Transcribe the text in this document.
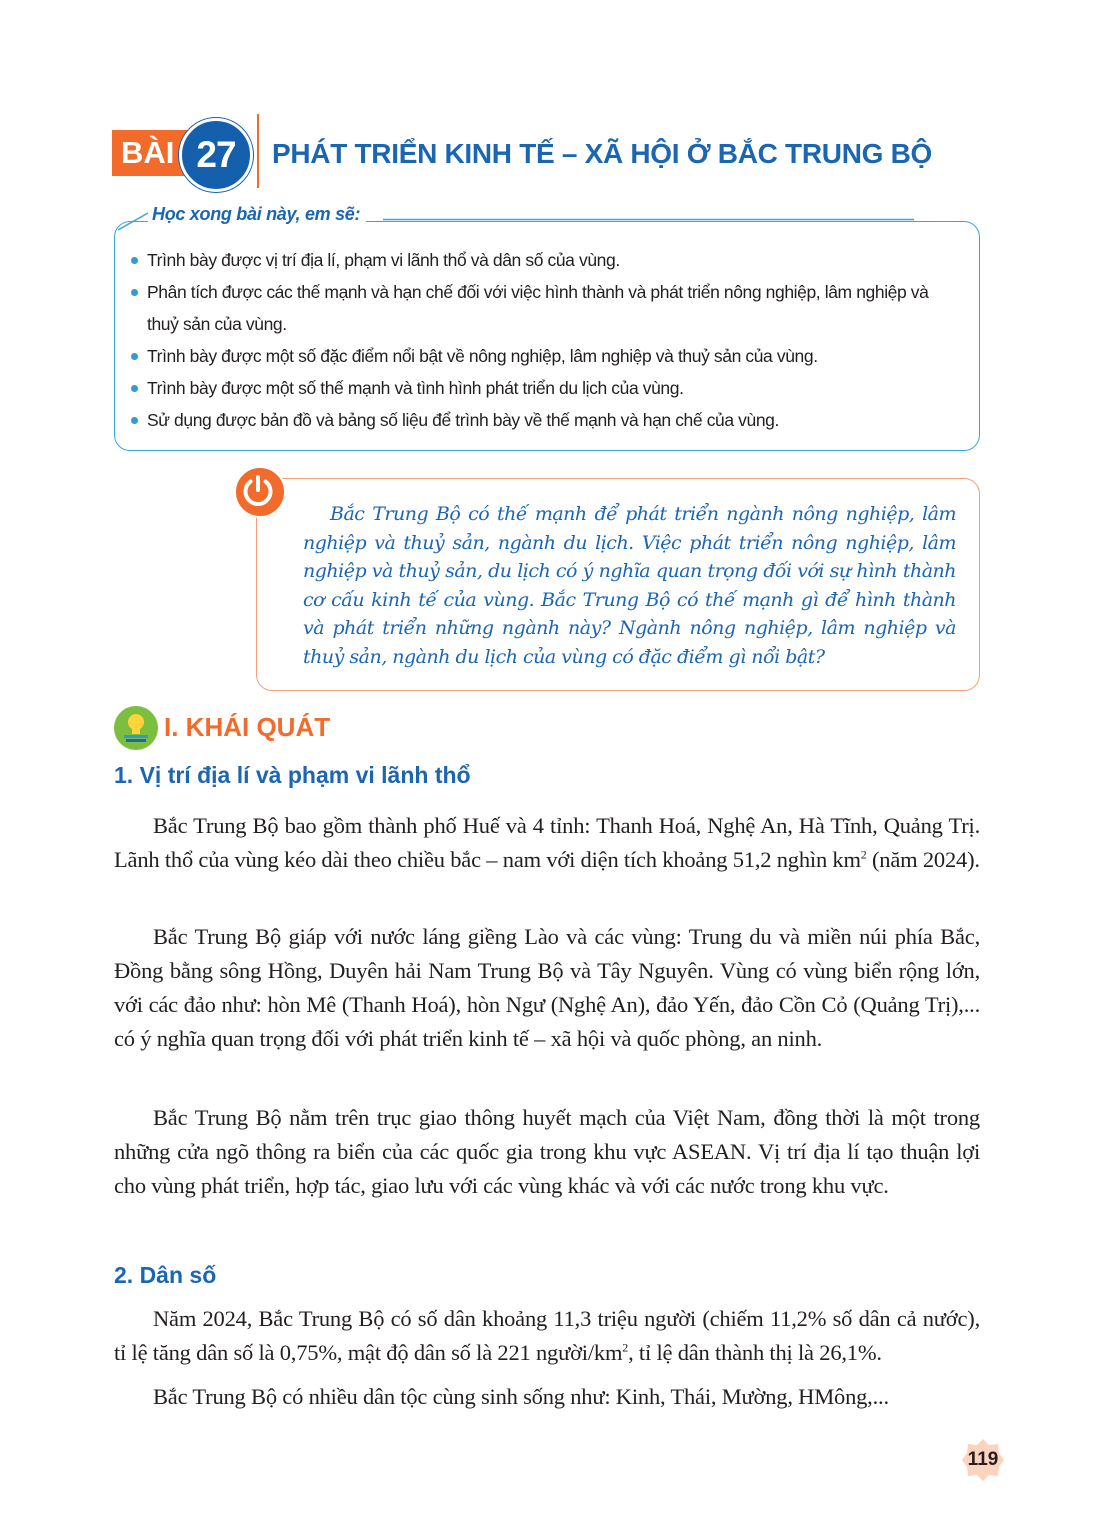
BÀI 27	PHÁT TRIỂN KINH TẾ – XÃ HỘI Ở BẮC TRUNG BỘ
Học xong bài này, em sẽ:
Trình bày được vị trí địa lí, phạm vi lãnh thổ và dân số của vùng.
Phân tích được các thế mạnh và hạn chế đối với việc hình thành và phát triển nông nghiệp, lâm nghiệp và thuỷ sản của vùng.
Trình bày được một số đặc điểm nổi bật về nông nghiệp, lâm nghiệp và thuỷ sản của vùng.
Trình bày được một số thế mạnh và tình hình phát triển du lịch của vùng.
Sử dụng được bản đồ và bảng số liệu để trình bày về thế mạnh và hạn chế của vùng.

Bắc Trung Bộ có thế mạnh để phát triển ngành nông nghiệp, lâm nghiệp và thuỷ sản, ngành du lịch. Việc phát triển nông nghiệp, lâm nghiệp và thuỷ sản, du lịch có ý nghĩa quan trọng đối với sự hình thành cơ cấu kinh tế của vùng. Bắc Trung Bộ có thế mạnh gì để hình thành và phát triển những ngành này? Ngành nông nghiệp, lâm nghiệp và thuỷ sản, ngành du lịch của vùng có đặc điểm gì nổi bật?

I. KHÁI QUÁT
1. Vị trí địa lí và phạm vi lãnh thổ

Bắc Trung Bộ bao gồm thành phố Huế và 4 tỉnh: Thanh Hoá, Nghệ An, Hà Tĩnh, Quảng Trị. Lãnh thổ của vùng kéo dài theo chiều bắc – nam với diện tích khoảng 51,2 nghìn $km^2$ (năm 2024).

Bắc Trung Bộ giáp với nước láng giềng Lào và các vùng: Trung du và miền núi phía Bắc, Đồng bằng sông Hồng, Duyên hải Nam Trung Bộ và Tây Nguyên. Vùng có vùng biển rộng lớn, với các đảo như: hòn Mê (Thanh Hoá), hòn Ngư (Nghệ An), đảo Yến, đảo Cồn Cỏ (Quảng Trị),... có ý nghĩa quan trọng đối với phát triển kinh tế – xã hội và quốc phòng, an ninh.

Bắc Trung Bộ nằm trên trục giao thông huyết mạch của Việt Nam, đồng thời là một trong những cửa ngõ thông ra biển của các quốc gia trong khu vực ASEAN. Vị trí địa lí tạo thuận lợi cho vùng phát triển, hợp tác, giao lưu với các vùng khác và với các nước trong khu vực.

2. Dân số

Năm 2024, Bắc Trung Bộ có số dân khoảng 11,3 triệu người (chiếm 11,2% số dân cả nước), tỉ lệ tăng dân số là 0,75%, mật độ dân số là 221 người/$km^2$, tỉ lệ dân thành thị là 26,1%.

Bắc Trung Bộ có nhiều dân tộc cùng sinh sống như: Kinh, Thái, Mường, HMông,...

119
